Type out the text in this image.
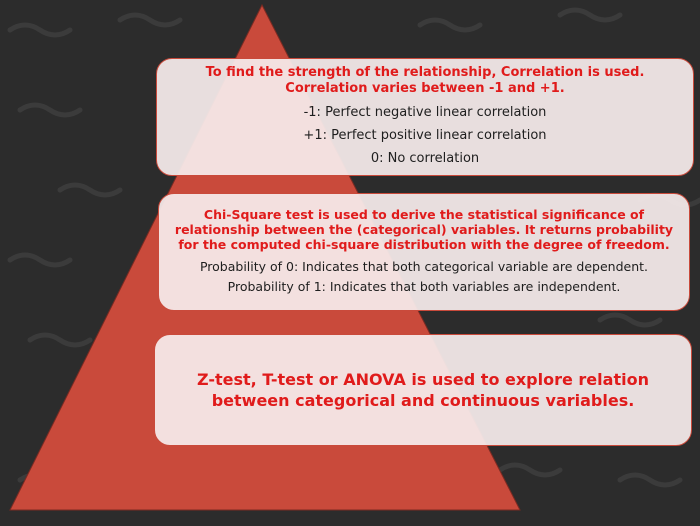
To find the strength of the relationship, Correlation is used. Correlation varies between -1 and +1.
-1: Perfect negative linear correlation
+1: Perfect positive linear correlation
0: No correlation
Chi-Square test is used to derive the statistical significance of relationship between the (categorical) variables. It returns probability for the computed chi-square distribution with the degree of freedom.
Probability of 0: Indicates that both categorical variable are dependent.
Probability of 1: Indicates that both variables are independent.
Z-test, T-test or ANOVA is used to explore relation between categorical and continuous variables.
